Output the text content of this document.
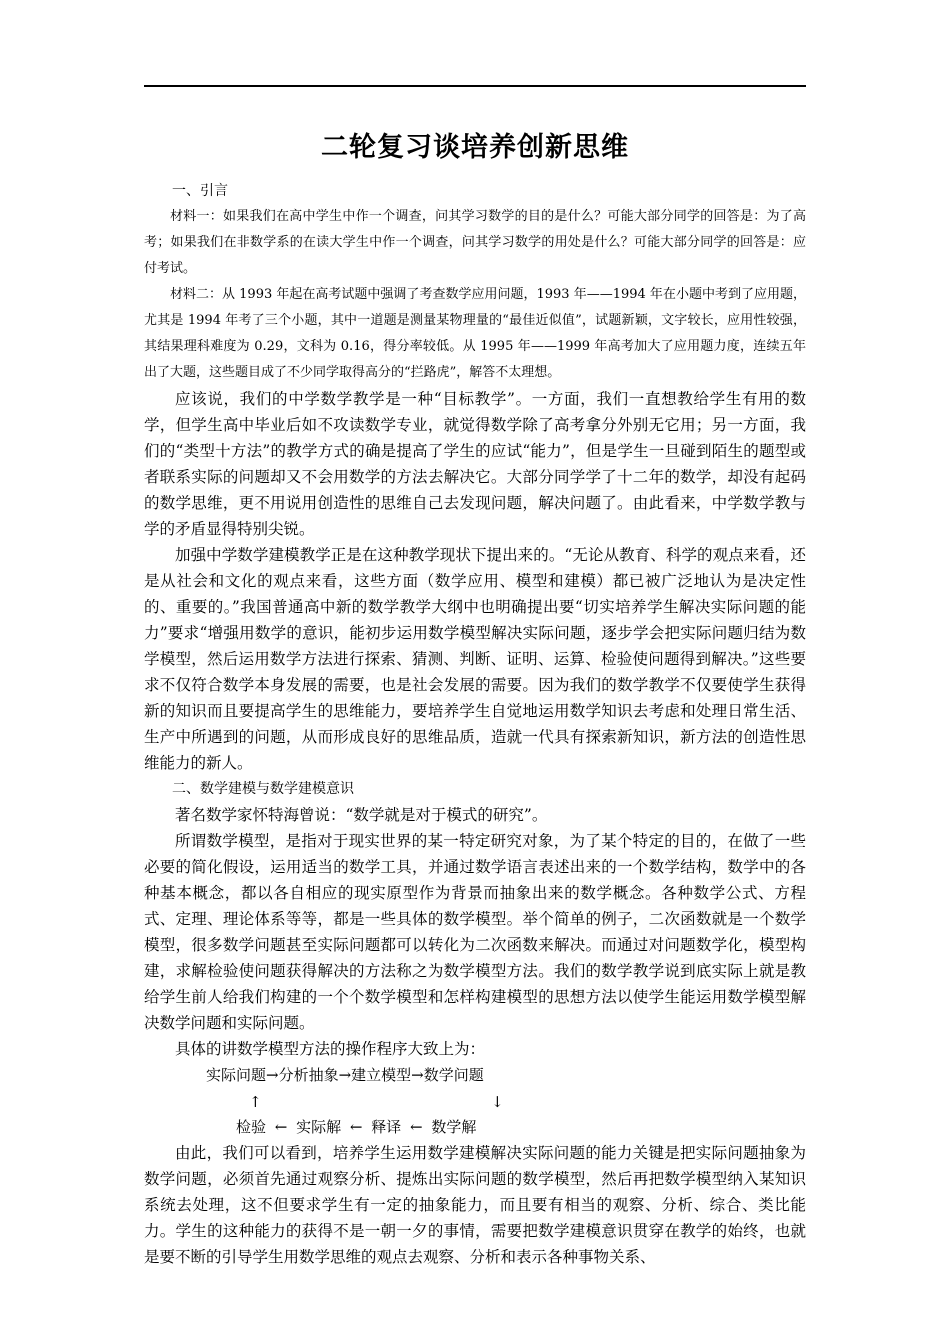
二轮复习谈培养创新思维

一、引言

材料一：如果我们在高中学生中作一个调查，问其学习数学的目的是什么？可能大部分同学的回答是：为了高考；如果我们在非数学系的在读大学生中作一个调查，问其学习数学的用处是什么？可能大部分同学的回答是：应付考试。

材料二：从 1993 年起在高考试题中强调了考查数学应用问题，1993 年——1994 年在小题中考到了应用题，尤其是 1994 年考了三个小题，其中一道题是测量某物理量的“最佳近似值”，试题新颖，文字较长，应用性较强，其结果理科难度为 0.29，文科为 0.16，得分率较低。从 1995 年——1999 年高考加大了应用题力度，连续五年出了大题，这些题目成了不少同学取得高分的“拦路虎”，解答不太理想。

应该说，我们的中学数学教学是一种“目标教学”。一方面，我们一直想教给学生有用的数学，但学生高中毕业后如不攻读数学专业，就觉得数学除了高考拿分外别无它用；另一方面，我们的“类型十方法”的教学方式的确是提高了学生的应试“能力”，但是学生一旦碰到陌生的题型或者联系实际的问题却又不会用数学的方法去解决它。大部分同学学了十二年的数学，却没有起码的数学思维，更不用说用创造性的思维自己去发现问题，解决问题了。由此看来，中学数学教与学的矛盾显得特别尖锐。

加强中学数学建模教学正是在这种教学现状下提出来的。“无论从教育、科学的观点来看，还是从社会和文化的观点来看，这些方面（数学应用、模型和建模）都已被广泛地认为是决定性的、重要的。”我国普通高中新的数学教学大纲中也明确提出要“切实培养学生解决实际问题的能力”要求“增强用数学的意识，能初步运用数学模型解决实际问题，逐步学会把实际问题归结为数学模型，然后运用数学方法进行探索、猜测、判断、证明、运算、检验使问题得到解决。”这些要求不仅符合数学本身发展的需要，也是社会发展的需要。因为我们的数学教学不仅要使学生获得新的知识而且要提高学生的思维能力，要培养学生自觉地运用数学知识去考虑和处理日常生活、生产中所遇到的问题，从而形成良好的思维品质，造就一代具有探索新知识，新方法的创造性思维能力的新人。

二、数学建模与数学建模意识

著名数学家怀特海曾说：“数学就是对于模式的研究”。

所谓数学模型，是指对于现实世界的某一特定研究对象，为了某个特定的目的，在做了一些必要的简化假设，运用适当的数学工具，并通过数学语言表述出来的一个数学结构，数学中的各种基本概念，都以各自相应的现实原型作为背景而抽象出来的数学概念。各种数学公式、方程式、定理、理论体系等等，都是一些具体的数学模型。举个简单的例子，二次函数就是一个数学模型，很多数学问题甚至实际问题都可以转化为二次函数来解决。而通过对问题数学化，模型构建，求解检验使问题获得解决的方法称之为数学模型方法。我们的数学教学说到底实际上就是教给学生前人给我们构建的一个个数学模型和怎样构建模型的思想方法以使学生能运用数学模型解决数学问题和实际问题。

具体的讲数学模型方法的操作程序大致上为：

实际问题→分析抽象→建立模型→数学问题
↑	↓
检验 ← 实际解 ← 释译 ← 数学解

由此，我们可以看到，培养学生运用数学建模解决实际问题的能力关键是把实际问题抽象为数学问题，必须首先通过观察分析、提炼出实际问题的数学模型，然后再把数学模型纳入某知识系统去处理，这不但要求学生有一定的抽象能力，而且要有相当的观察、分析、综合、类比能力。学生的这种能力的获得不是一朝一夕的事情，需要把数学建模意识贯穿在教学的始终，也就是要不断的引导学生用数学思维的观点去观察、分析和表示各种事物关系、
